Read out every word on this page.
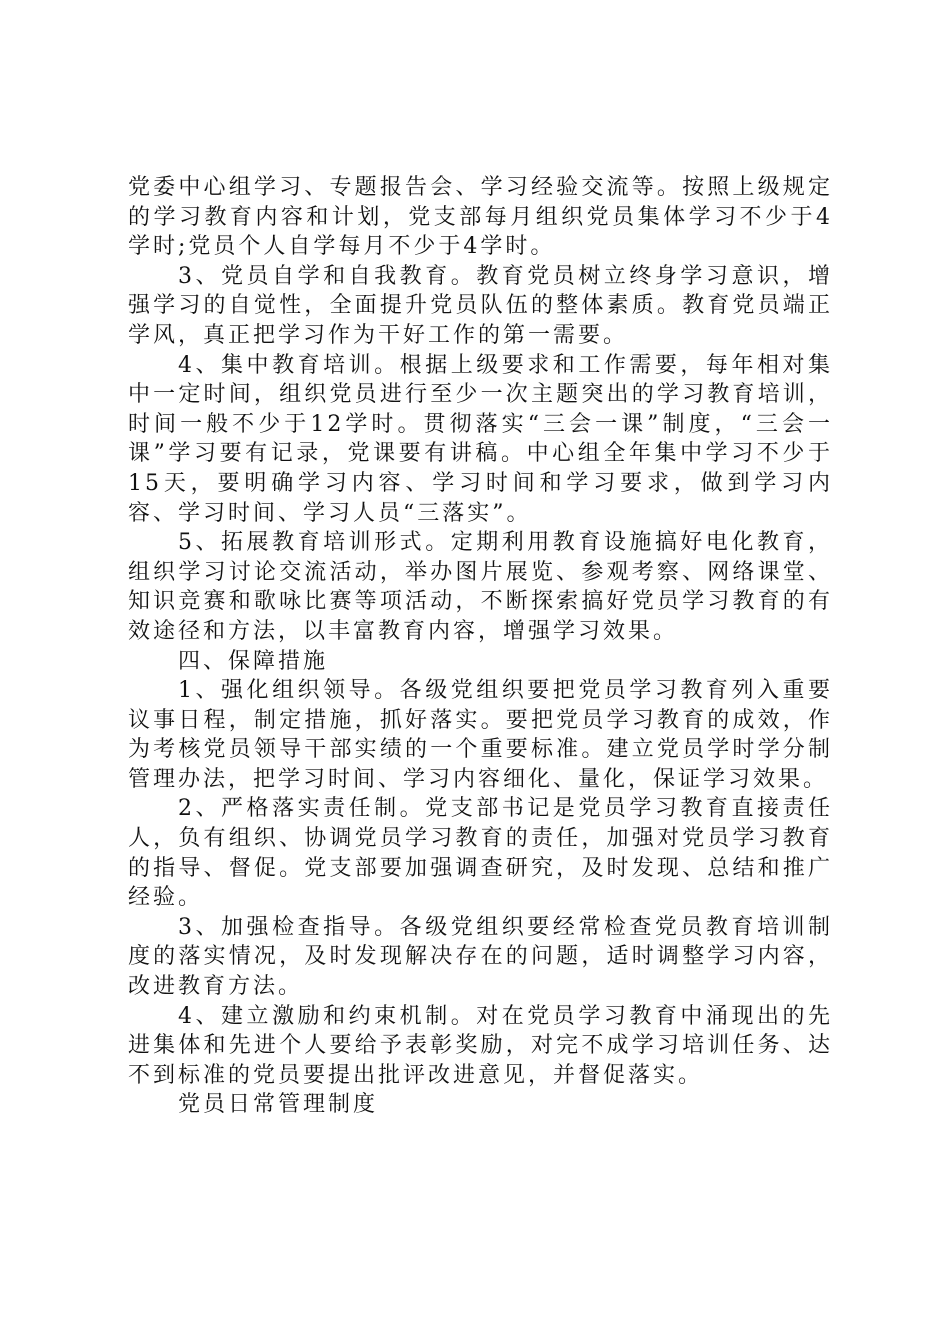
党委中心组学习、专题报告会、学习经验交流等。按照上级规定的学习教育内容和计划，党支部每月组织党员集体学习不少于4学时;党员个人自学每月不少于4学时。

3、党员自学和自我教育。教育党员树立终身学习意识，增强学习的自觉性，全面提升党员队伍的整体素质。教育党员端正学风，真正把学习作为干好工作的第一需要。

4、集中教育培训。根据上级要求和工作需要，每年相对集中一定时间，组织党员进行至少一次主题突出的学习教育培训，时间一般不少于12学时。贯彻落实“三会一课”制度，“三会一课”学习要有记录，党课要有讲稿。中心组全年集中学习不少于15天，要明确学习内容、学习时间和学习要求，做到学习内容、学习时间、学习人员“三落实”。

5、拓展教育培训形式。定期利用教育设施搞好电化教育，组织学习讨论交流活动，举办图片展览、参观考察、网络课堂、知识竞赛和歌咏比赛等项活动，不断探索搞好党员学习教育的有效途径和方法，以丰富教育内容，增强学习效果。

四、保障措施

1、强化组织领导。各级党组织要把党员学习教育列入重要议事日程，制定措施，抓好落实。要把党员学习教育的成效，作为考核党员领导干部实绩的一个重要标准。建立党员学时学分制管理办法，把学习时间、学习内容细化、量化，保证学习效果。

2、严格落实责任制。党支部书记是党员学习教育直接责任人，负有组织、协调党员学习教育的责任，加强对党员学习教育的指导、督促。党支部要加强调查研究，及时发现、总结和推广经验。

3、加强检查指导。各级党组织要经常检查党员教育培训制度的落实情况，及时发现解决存在的问题，适时调整学习内容，改进教育方法。

4、建立激励和约束机制。对在党员学习教育中涌现出的先进集体和先进个人要给予表彰奖励，对完不成学习培训任务、达不到标准的党员要提出批评改进意见，并督促落实。

党员日常管理制度
